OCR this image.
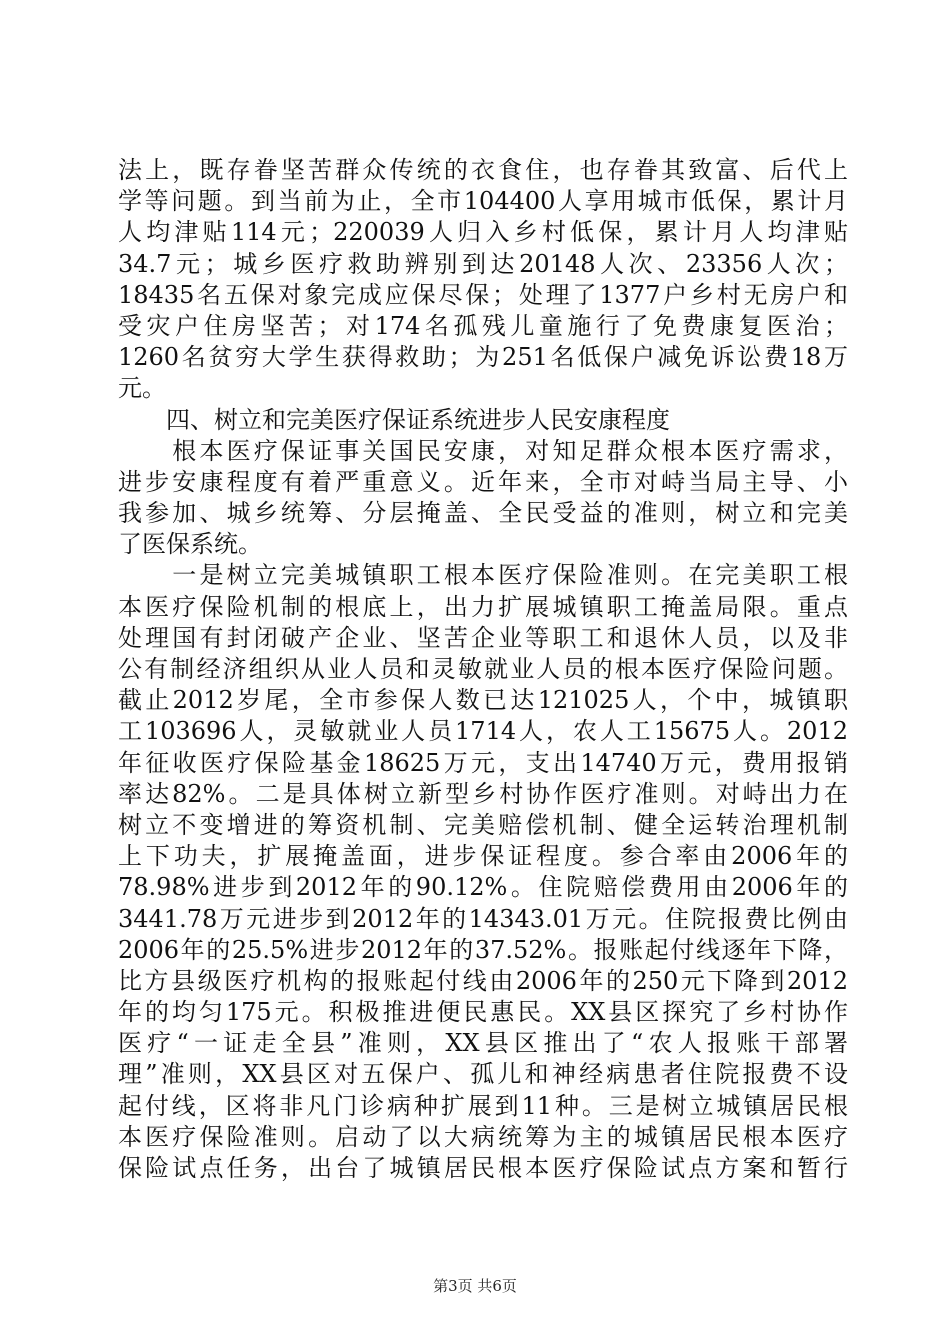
法上，既存眷坚苦群众传统的衣食住，也存眷其致富、后代上
学等问题。到当前为止，全市104400人享用城市低保，累计月
人均津贴114元；220039人归入乡村低保，累计月人均津贴
34.7元；城乡医疗救助辨别到达20148人次、23356人次；
18435名五保对象完成应保尽保；处理了1377户乡村无房户和
受灾户住房坚苦；对174名孤残儿童施行了免费康复医治；
1260名贫穷大学生获得救助；为251名低保户减免诉讼费18万
元。
　　四、树立和完美医疗保证系统进步人民安康程度
　　根本医疗保证事关国民安康，对知足群众根本医疗需求，
进步安康程度有着严重意义。近年来，全市对峙当局主导、小
我参加、城乡统筹、分层掩盖、全民受益的准则，树立和完美
了医保系统。
　　一是树立完美城镇职工根本医疗保险准则。在完美职工根
本医疗保险机制的根底上，出力扩展城镇职工掩盖局限。重点
处理国有封闭破产企业、坚苦企业等职工和退休人员，以及非
公有制经济组织从业人员和灵敏就业人员的根本医疗保险问题。
截止2012岁尾，全市参保人数已达121025人，个中，城镇职
工103696人，灵敏就业人员1714人，农人工15675人。2012
年征收医疗保险基金18625万元，支出14740万元，费用报销
率达82%。二是具体树立新型乡村协作医疗准则。对峙出力在
树立不变增进的筹资机制、完美赔偿机制、健全运转治理机制
上下功夫，扩展掩盖面，进步保证程度。参合率由2006年的
78.98%进步到2012年的90.12%。住院赔偿费用由2006年的
3441.78万元进步到2012年的14343.01万元。住院报费比例由
2006年的25.5%进步2012年的37.52%。报账起付线逐年下降，
比方县级医疗机构的报账起付线由2006年的250元下降到2012
年的均匀175元。积极推进便民惠民。XX县区探究了乡村协作
医疗“一证走全县”准则，XX县区推出了“农人报账干部署
理”准则，XX县区对五保户、孤儿和神经病患者住院报费不设
起付线，区将非凡门诊病种扩展到11种。三是树立城镇居民根
本医疗保险准则。启动了以大病统筹为主的城镇居民根本医疗
保险试点任务，出台了城镇居民根本医疗保险试点方案和暂行
第3页 共6页
